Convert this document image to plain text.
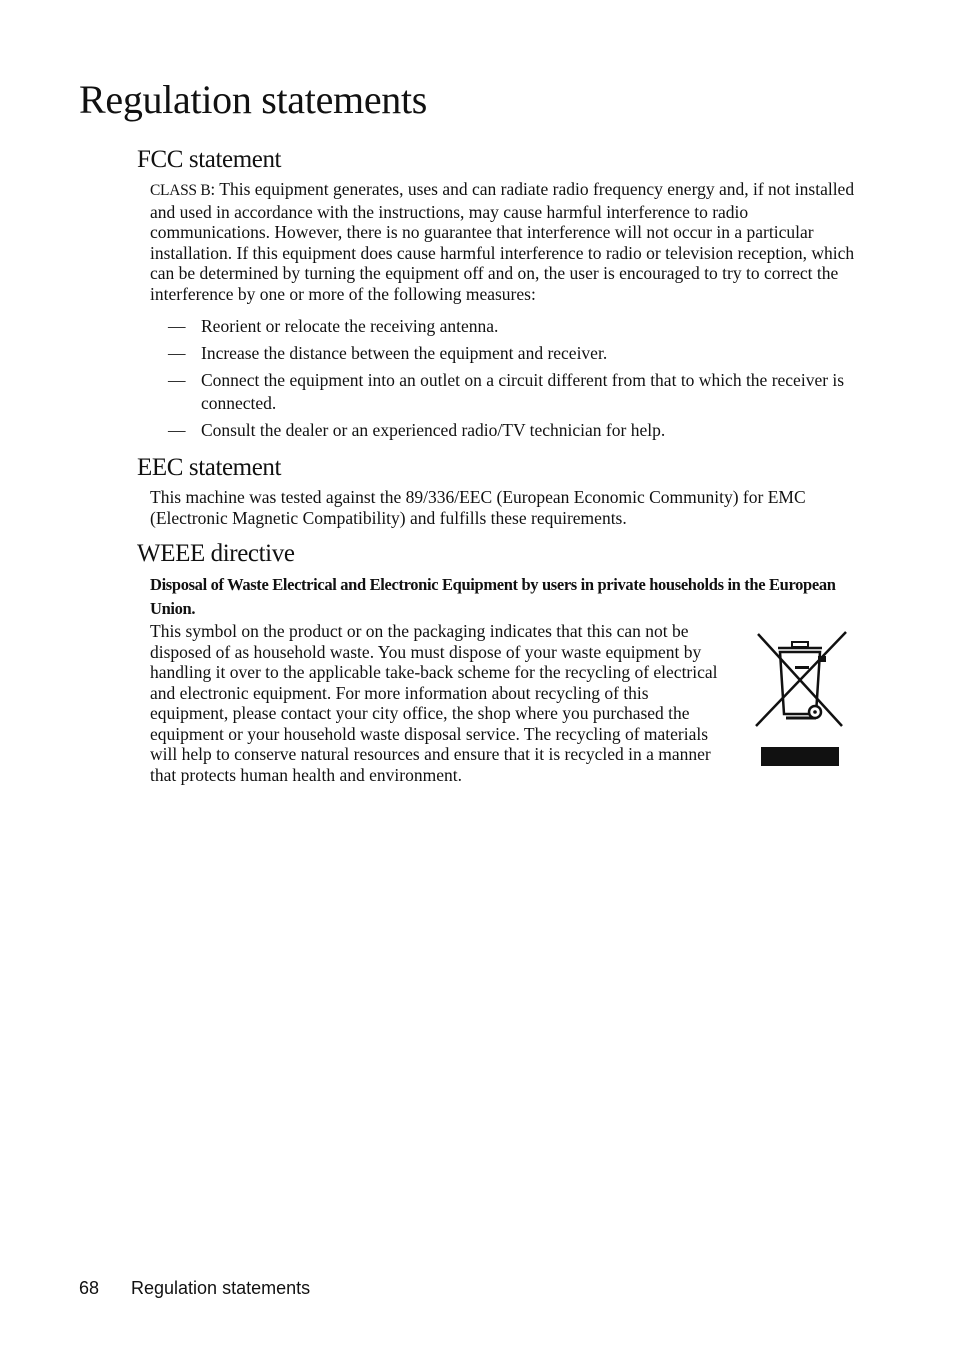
Regulation statements
FCC statement

CLASS B: This equipment generates, uses and can radiate radio frequency energy and, if not installed and used in accordance with the instructions, may cause harmful interference to radio communications. However, there is no guarantee that interference will not occur in a particular installation. If this equipment does cause harmful interference to radio or television reception, which can be determined by turning the equipment off and on, the user is encouraged to try to correct the interference by one or more of the following measures:

— Reorient or relocate the receiving antenna.
— Increase the distance between the equipment and receiver.
— Connect the equipment into an outlet on a circuit different from that to which the receiver is connected.
— Consult the dealer or an experienced radio/TV technician for help.
EEC statement

This machine was tested against the 89/336/EEC (European Economic Community) for EMC (Electronic Magnetic Compatibility) and fulfills these requirements.

WEEE directive

Disposal of Waste Electrical and Electronic Equipment by users in private households in the European Union.

This symbol on the product or on the packaging indicates that this can not be disposed of as household waste. You must dispose of your waste equipment by handling it over to the applicable take-back scheme for the recycling of electrical and electronic equipment. For more information about recycling of this equipment, please contact your city office, the shop where you purchased the equipment or your household waste disposal service. The recycling of materials will help to conserve natural resources and ensure that it is recycled in a manner that protects human health and environment.

68 Regulation statements
